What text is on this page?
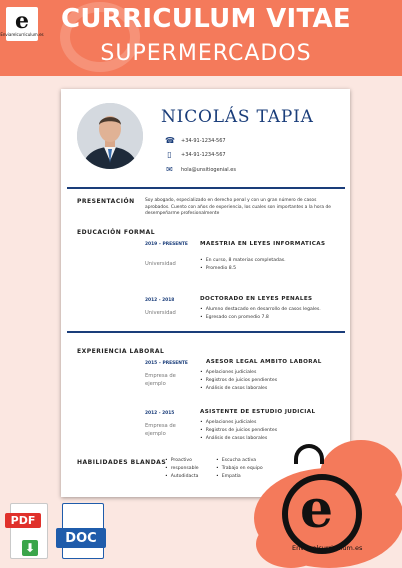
e
Enviarelcurriculum.es
CURRICULUM VITAE
SUPERMERCADOS
NICOLÁS TAPIA
☎ +34-91-1234-567
▯	+34-91-1234-567
✉ hola@unsitiogenial.es
PRESENTACIÓN Soy abogado, especializado en derecho penal y con un gran número de casos aprobados. Cuento con años de experiencia, los cuales son importantes a la hora de desempeñarme profesionalmente
EDUCACIÓN FORMAL
2019 – PRESENTE MAESTRIA EN LEYES INFORMATICAS
Universidad
• En curso, 8 materias completadas.
• Promedio 8.5
2012 - 2018	DOCTORADO EN LEYES PENALES
Universidad
• Alumno destacado en desarrollo de casos legales.
• Egresado con promedio 7.8
EXPERIENCIA LABORAL
2015 – PRESENTE	ASESOR LEGAL AMBITO LABORAL
Empresa de ejemplo
• Apelaciones judiciales
• Registros de juicios pendientes
• Análisis de casos laborales
2012 - 2015	ASISTENTE DE ESTUDIO JUDICIAL
Empresa de ejemplo
• Apelaciones judiciales
• Registros de juicios pendientes
• Análisis de casos laborales
HABILIDADES BLANDAS
• Proactivo
• responsable
• Autodidacta
• Escucha activa
• Trabajo en equipo
• Empatía
e
Enviarelcurriculum.es
PDF
⬇
DOC
